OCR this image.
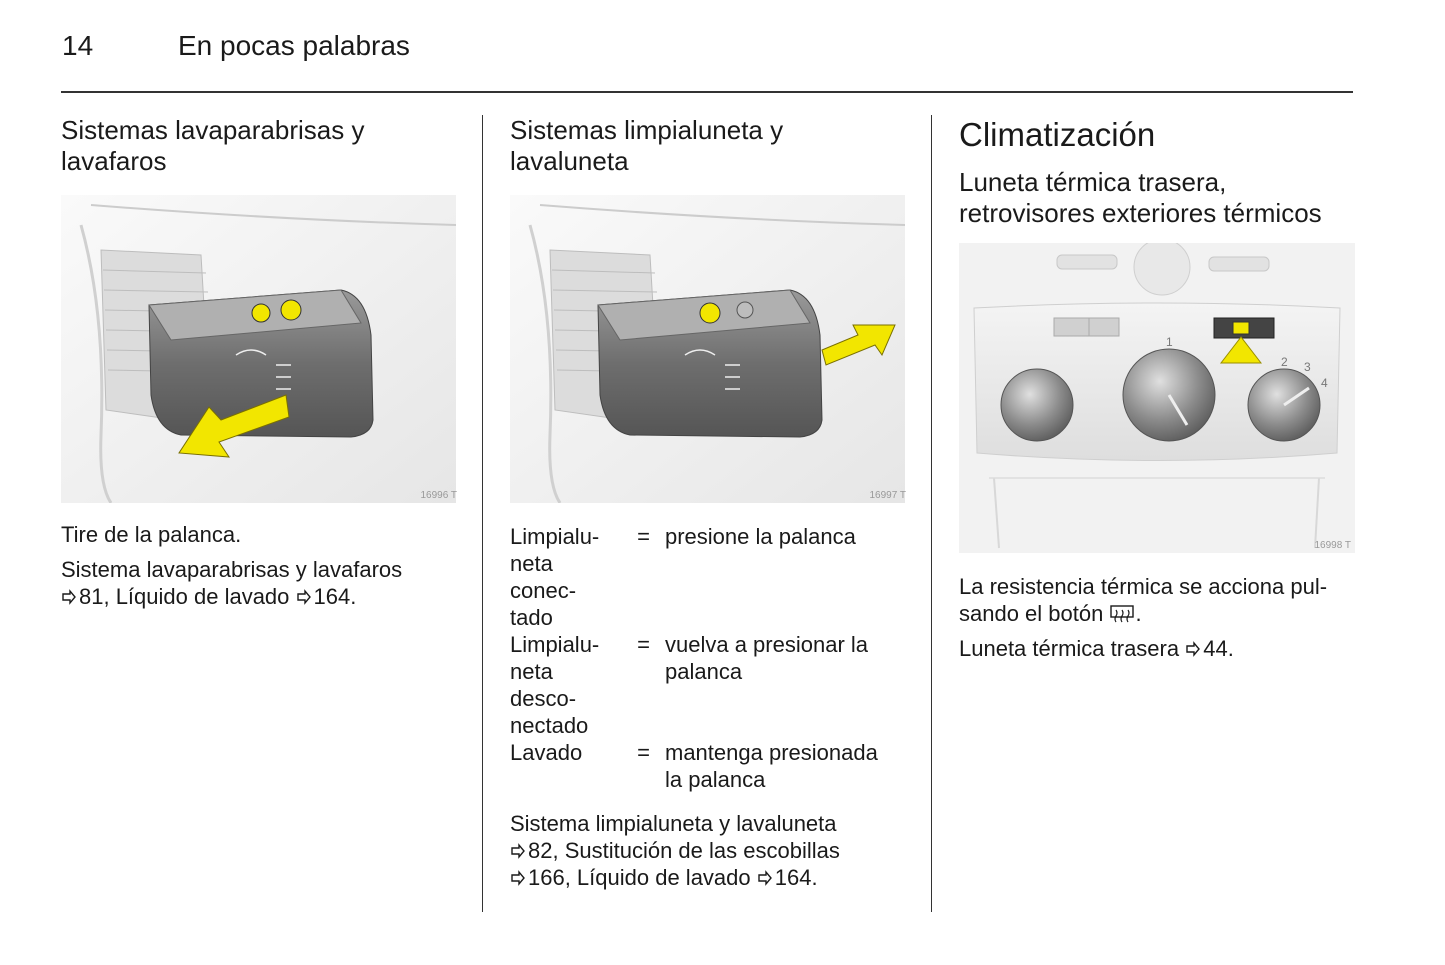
14	En pocas palabras
Sistemas lavaparabrisas y
lavafaros
16996 T

Tire de la palanca.

Sistema lavaparabrisas y lavafaros
81, Líquido de lavado 164.

Sistemas limpialuneta y
lavaluneta
16997 T
Limpialu-
neta
conec-
tado	=	presione la palanca
Limpialu-
neta
desco-
nectado	=	vuelva a presionar la
palanca
Lavado	=	mantenga presionada
la palanca

Sistema limpialuneta y lavaluneta
82, Sustitución de las escobillas
166, Líquido de lavado 164.

Climatización
Luneta térmica trasera,
retrovisores exteriores térmicos
1
2 3
4
16998 T

La resistencia térmica se acciona pul-
sando el botón .

Luneta térmica trasera 44.
